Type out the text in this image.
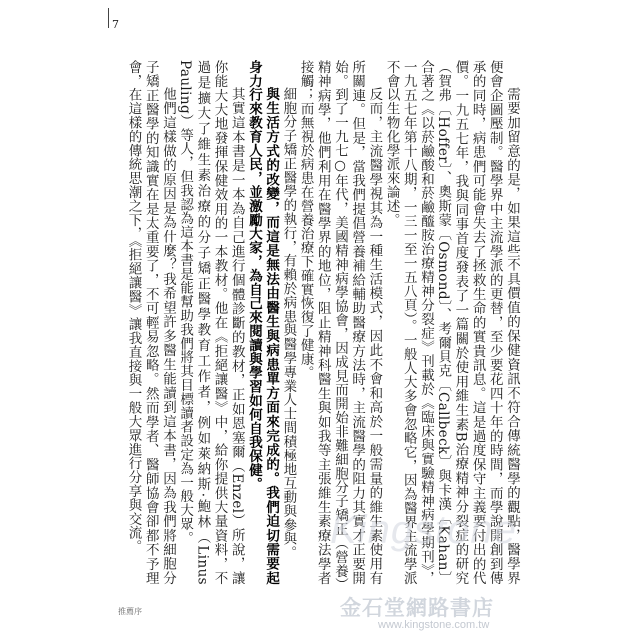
7

需要加留意的是，如果這些不具價值的保健資訊不符合傳統醫學的觀點，醫學界便會企圖壓制。醫學界中主流學派的更替，至少要花四十年的時間，而學說開創到傳承的同時，病患們可能會失去了拯救生命的實貴訊息。這是過度保守主義要付出的代價。一九五七年，我與同事首度發表了一篇關於使用維生素B治療精神分裂症的研究（賀弗〔Hoffer〕、奧斯蒙〔Osmond〕、考爾貝克〔Callbeck〕與卡漢〔Kahan〕合著之《以菸鹼酸和菸鹼醯胺治療精神分裂症》刊載於《臨床與實驗精神病學期刊》，一九五七年第十八期，一三一至一五八頁）。一般人大多會忽略它，因為醫界主流學派不會以生物化學派來論述。

反而，主流醫學視其為一種生活模式，因此不會和高於一般需量的維生素使用有所關連。但是，當我們提倡營養補給輔助醫療方法時，主流醫學的阻力其實才正要開始。到了一九七○年代，美國精神病學協會，因成見而開始非難細胞分子矯正（營養）精神病學，他們利用在醫學界的地位，阻止精神科醫生與如我等主張維生素療法學者接觸；而無視於病患在營養治療下確實恢復了健康。

細胞分子矯正醫學的執行，有賴於病患與醫學專業人士間積極地互動與參與。

與生活方式的改變，而這是無法由醫生與病患單方面來完成的。我們迫切需要起身力行來教育人民，並激勵大家，為自己來閱讀與學習如何自我保健。

其實這本書是一本為自己進行個體診斷的教材，正如恩塞爾（Enzel）所說，讓你能大大地發揮保健效用的一本教材。他在《拒絕讓醫》中，給你提供大量資料，不過是擴大了維生素治療的分子矯正醫學教育工作者，例如萊納斯·鮑林（Linus Pauling）等人，但我認為這本書是能幫助我們將其目標讀者設定為一般大眾。

他們這樣做的原因是為什麼？我希望許多醫生能讀到這本書，因為我們將細胞分子矯正醫學的知識實在是太重要了，不可輕易忽略。然而學者、醫師協會卻都不予理會，在這樣的傳統思潮之下，《拒絕讓醫》讓我直接與一般大眾進行分享與交流。

推薦序
Kingstone
金石堂網路書店
www.kingstone.com.tw
